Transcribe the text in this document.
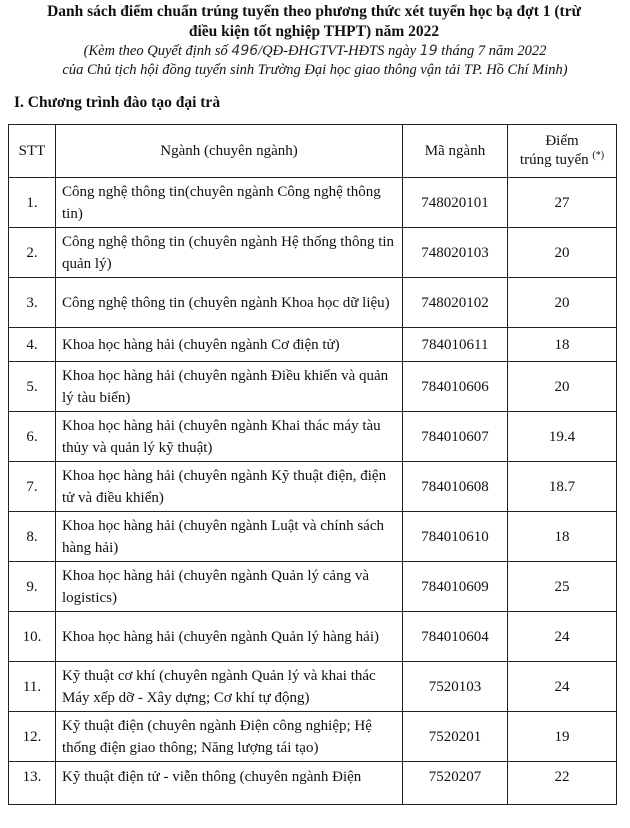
Danh sách điểm chuẩn trúng tuyển theo phương thức xét tuyển học bạ đợt 1 (trừ
điều kiện tốt nghiệp THPT) năm 2022
(Kèm theo Quyết định số 496/QĐ-ĐHGTVT-HĐTS ngày 19 tháng 7 năm 2022
của Chủ tịch hội đồng tuyển sinh Trường Đại học giao thông vận tải TP. Hồ Chí Minh)
I. Chương trình đào tạo đại trà
STT	Ngành (chuyên ngành)	Mã ngành	Điểm
trúng tuyển (*)

1.	Công nghệ thông tin(chuyên ngành Công nghệ thông tin)	748020101	27
2.	Công nghệ thông tin (chuyên ngành Hệ thống thông tin quản lý)	748020103	20
3.	Công nghệ thông tin (chuyên ngành Khoa học dữ liệu)	748020102	20
4.	Khoa học hàng hải (chuyên ngành Cơ điện tử)	784010611	18
5.	Khoa học hàng hải (chuyên ngành Điều khiển và quản lý tàu biển)	784010606	20
6.	Khoa học hàng hải (chuyên ngành Khai thác máy tàu thủy và quản lý kỹ thuật)	784010607	19.4
7.	Khoa học hàng hải (chuyên ngành Kỹ thuật điện, điện tử và điều khiển)	784010608	18.7
8.	Khoa học hàng hải (chuyên ngành Luật và chính sách hàng hải)	784010610	18
9.	Khoa học hàng hải (chuyên ngành Quản lý cảng và logistics)	784010609	25
10.	Khoa học hàng hải (chuyên ngành Quản lý hàng hải)	784010604	24
11.	Kỹ thuật cơ khí (chuyên ngành Quản lý và khai thác Máy xếp dỡ - Xây dựng; Cơ khí tự động)	7520103	24
12.	Kỹ thuật điện (chuyên ngành Điện công nghiệp; Hệ thống điện giao thông; Năng lượng tái tạo)	7520201	19
13.	Kỹ thuật điện tử - viễn thông (chuyên ngành Điện	7520207	22
